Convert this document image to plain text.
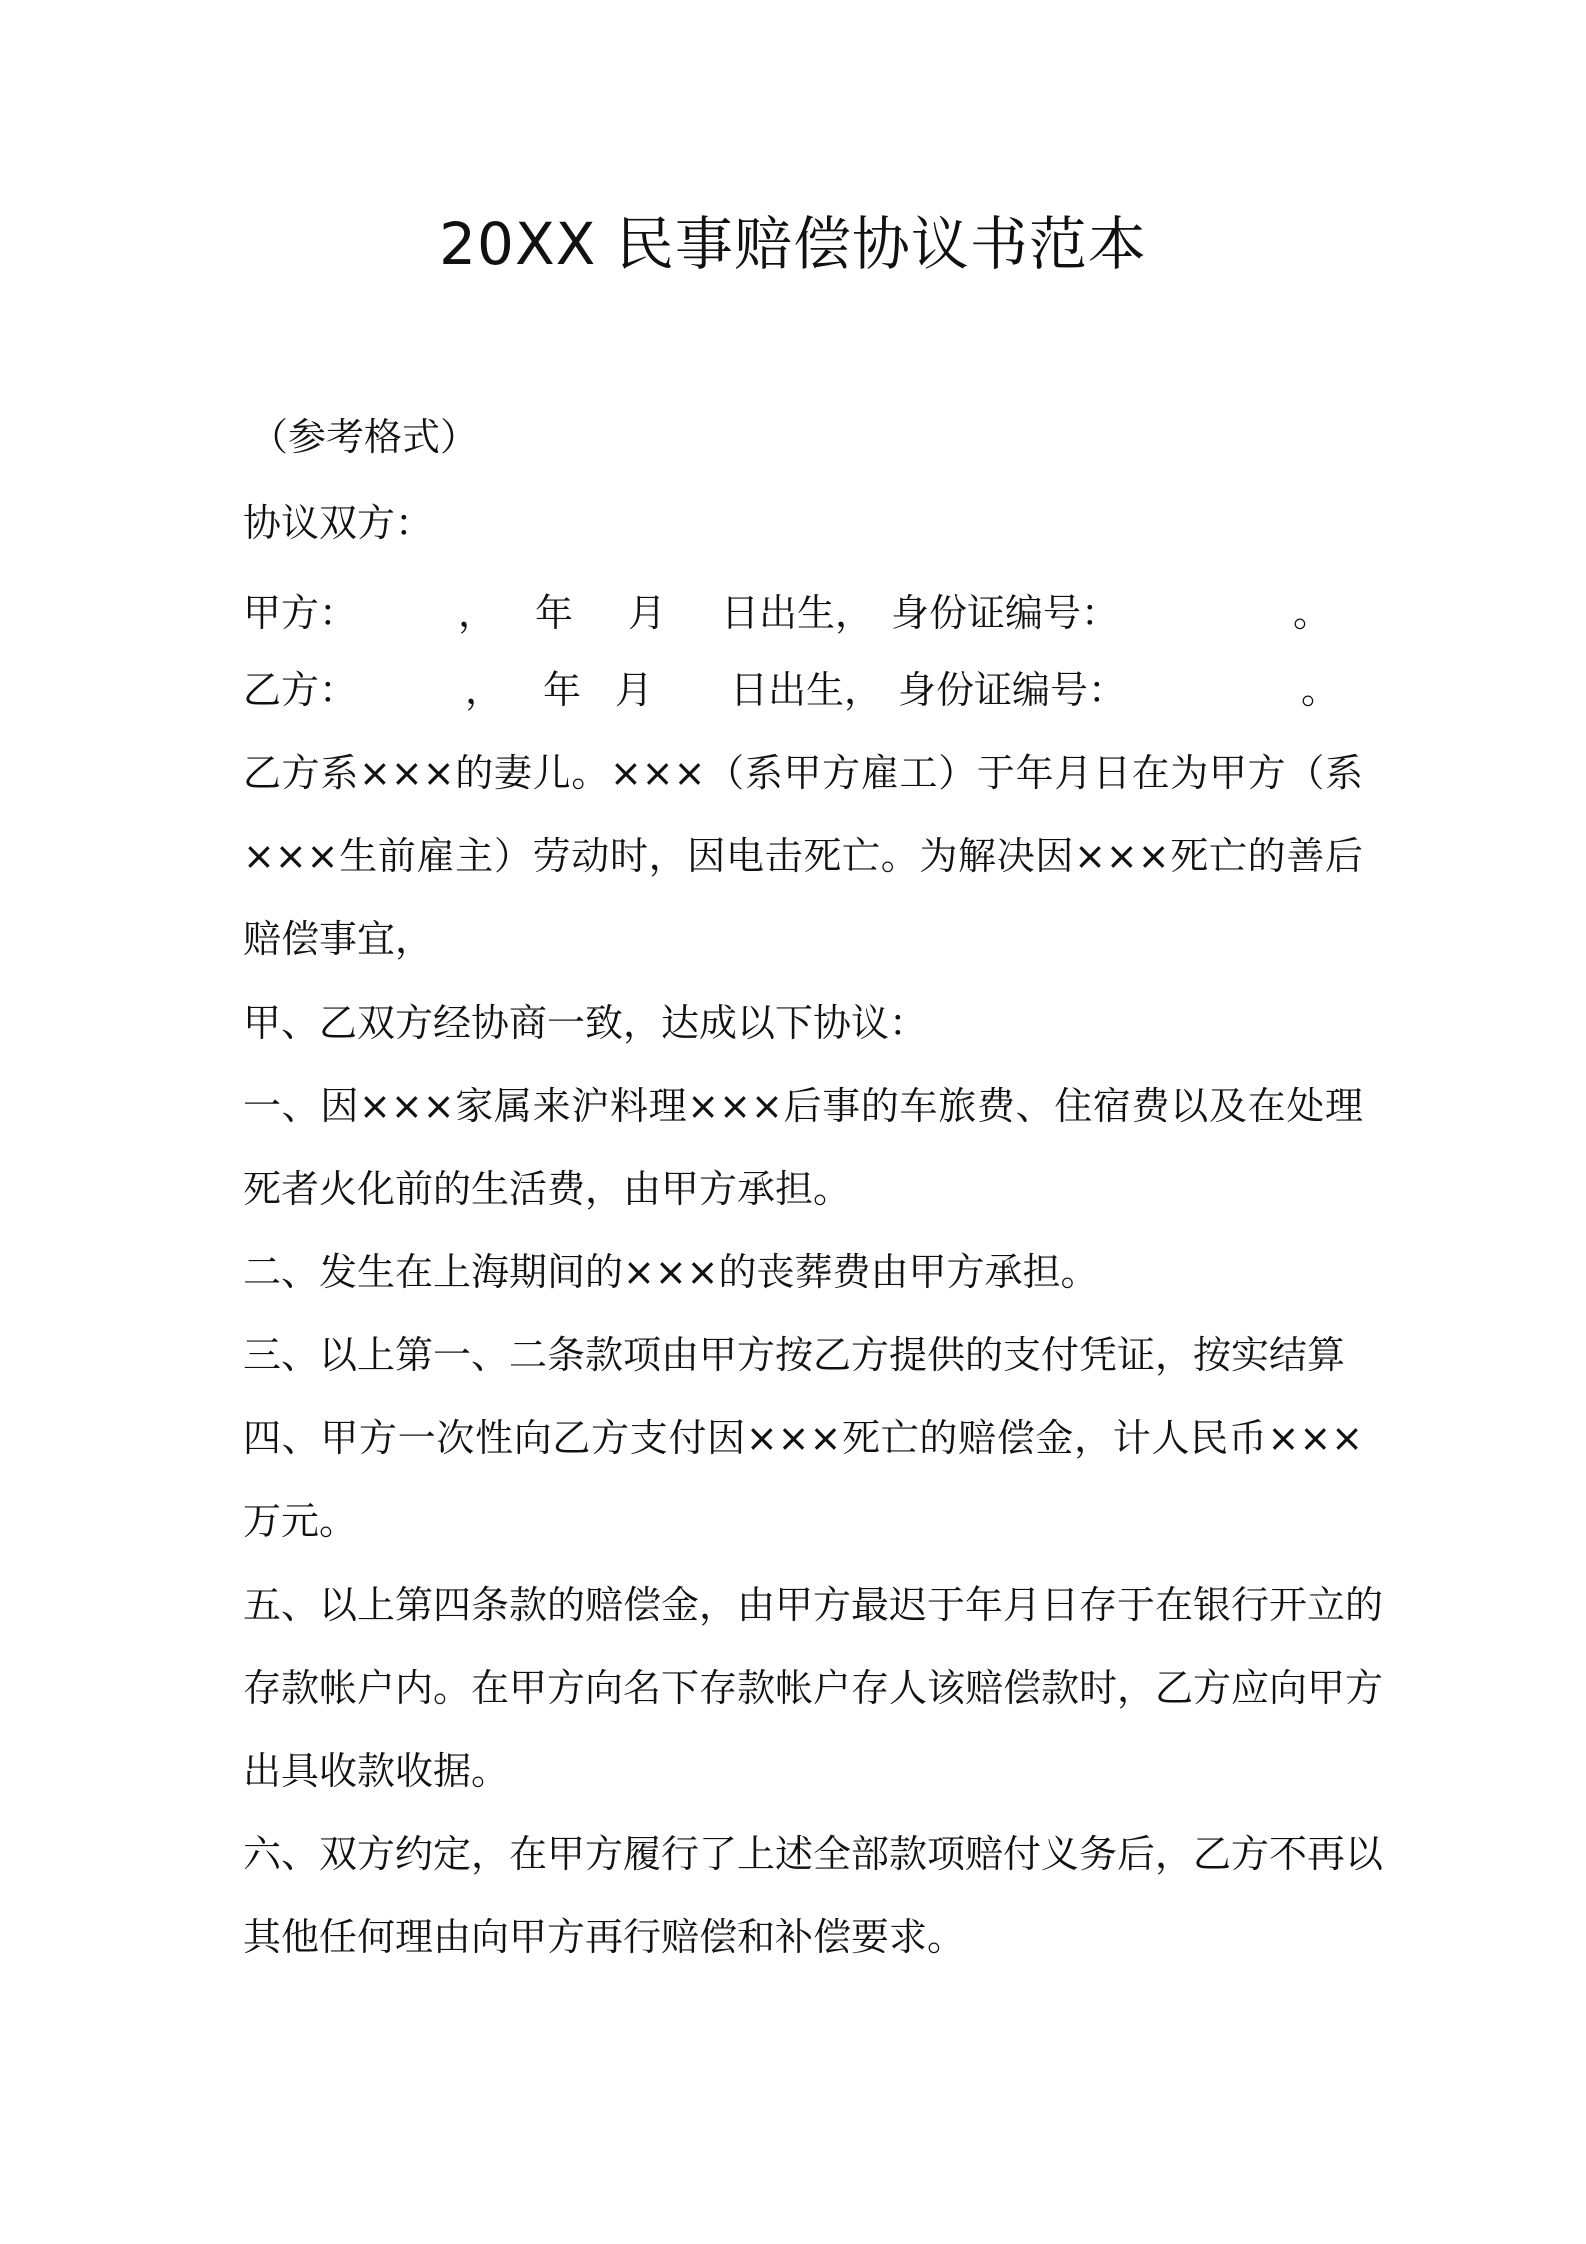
20XX 民事赔偿协议书范本
（参考格式）
协议双方：
甲方：	， 年 月 日出生， 身份证编号：	。
乙方：	， 年 月 日出生， 身份证编号：	。
乙方系×××的妻儿。×××（系甲方雇工）于年月日在为甲方（系
×××生前雇主）劳动时，因电击死亡。为解决因×××死亡的善后
赔偿事宜，
甲、乙双方经协商一致，达成以下协议：
一、因×××家属来沪料理×××后事的车旅费、住宿费以及在处理
死者火化前的生活费，由甲方承担。
二、发生在上海期间的×××的丧葬费由甲方承担。
三、以上第一、二条款项由甲方按乙方提供的支付凭证，按实结算
四、甲方一次性向乙方支付因×××死亡的赔偿金，计人民币×××
万元。
五、以上第四条款的赔偿金，由甲方最迟于年月日存于在银行开立的
存款帐户内。在甲方向名下存款帐户存人该赔偿款时，乙方应向甲方
出具收款收据。
六、双方约定，在甲方履行了上述全部款项赔付义务后，乙方不再以
其他任何理由向甲方再行赔偿和补偿要求。
